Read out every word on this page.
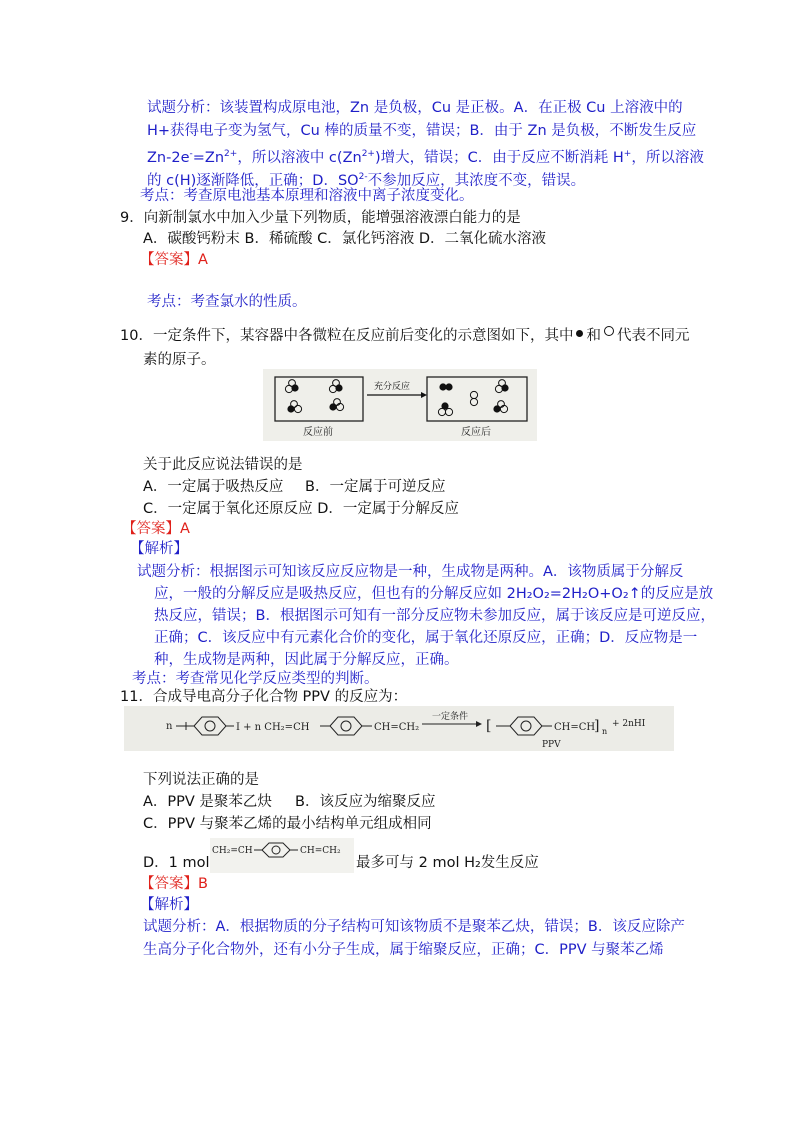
试题分析：该装置构成原电池，Zn 是负极，Cu 是正极。A．在正极 Cu 上溶液中的
H+获得电子变为氢气，Cu 棒的质量不变，错误；B．由于 Zn 是负极，不断发生反应
$Zn-2e^-=Zn^{2+}$，所以溶液中 $c(Zn^{2+})$增大，错误；C．由于反应不断消耗 H+，所以溶液
的 c(H)逐渐降低，正确；D．$SO^{2-}$不参加反应，其浓度不变，错误。
考点：考查原电池基本原理和溶液中离子浓度变化。
9．向新制氯水中加入少量下列物质，能增强溶液漂白能力的是
A．碳酸钙粉末 B．稀硫酸 C．氯化钙溶液 D．二氧化硫水溶液
【答案】A
考点：考查氯水的性质。
10．一定条件下，某容器中各微粒在反应前后变化的示意图如下，其中 和 代表不同元
素的原子。
充分反应
反应前	反应后
关于此反应说法错误的是
A．一定属于吸热反应 B．一定属于可逆反应
C．一定属于氧化还原反应 D．一定属于分解反应
【答案】A
【解析】
试题分析：根据图示可知该反应反应物是一种，生成物是两种。A．该物质属于分解反
应，一般的分解反应是吸热反应，但也有的分解反应如 2H₂O₂=2H₂O+O₂↑的反应是放
热反应，错误；B．根据图示可知有一部分反应物未参加反应，属于该反应是可逆反应，
正确；C．该反应中有元素化合价的变化，属于氧化还原反应，正确；D．反应物是一
种，生成物是两种，因此属于分解反应，正确。
考点：考查常见化学反应类型的判断。
11．合成导电高分子化合物 PPV 的反应为：
n	I + n CH₂=CH	CH=CH₂
一定条件
[	CH=CH
] n
+ 2nHI
PPV
下列说法正确的是
A．PPV 是聚苯乙炔 B．该反应为缩聚反应
C．PPV 与聚苯乙烯的最小结构单元组成相同
D．1 mol
CH₂=CH	CH=CH₂
最多可与 2 mol H₂发生反应
【答案】B
【解析】
试题分析：A．根据物质的分子结构可知该物质不是聚苯乙炔，错误；B．该反应除产
生高分子化合物外，还有小分子生成，属于缩聚反应，正确；C．PPV 与聚苯乙烯
